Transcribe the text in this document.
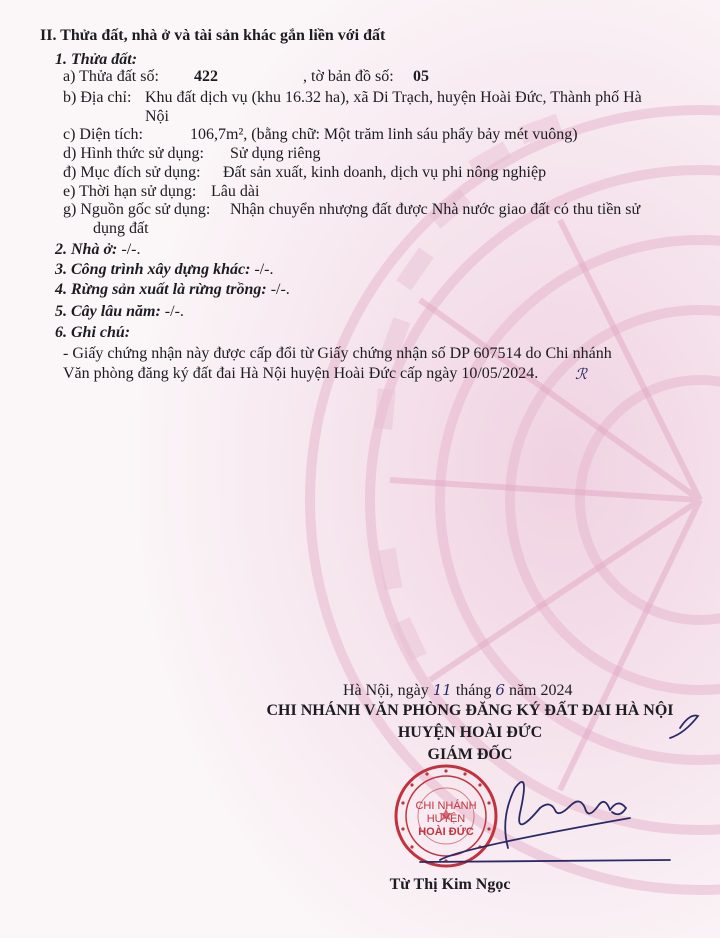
II. Thửa đất, nhà ở và tài sản khác gắn liền với đất
1. Thửa đất:
a) Thửa đất số: 422	, tờ bản đồ số: 05
b) Địa chỉ: Khu đất dịch vụ (khu 16.32 ha), xã Di Trạch, huyện Hoài Đức, Thành phố Hà
Nội
c) Diện tích:	106,7m², (bằng chữ: Một trăm linh sáu phẩy bảy mét vuông)
d) Hình thức sử dụng: Sử dụng riêng
đ) Mục đích sử dụng: Đất sản xuất, kinh doanh, dịch vụ phi nông nghiệp
e) Thời hạn sử dụng: Lâu dài
g) Nguồn gốc sử dụng: Nhận chuyển nhượng đất được Nhà nước giao đất có thu tiền sử
dụng đất
2. Nhà ở: -/-.
3. Công trình xây dựng khác: -/-.
4. Rừng sản xuất là rừng trồng: -/-.
5. Cây lâu năm: -/-.
6. Ghi chú:
- Giấy chứng nhận này được cấp đổi từ Giấy chứng nhận số DP 607514 do Chi nhánh
Văn phòng đăng ký đất đai Hà Nội huyện Hoài Đức cấp ngày 10/05/2024. ℛ
Hà Nội, ngày 11 tháng 6 năm 2024
CHI NHÁNH VĂN PHÒNG ĐĂNG KÝ ĐẤT ĐAI HÀ NỘI
HUYỆN HOÀI ĐỨC
GIÁM ĐỐC
CHI NHÁNH
HUYỆN
HOÀI ĐỨC
Từ Thị Kim Ngọc
